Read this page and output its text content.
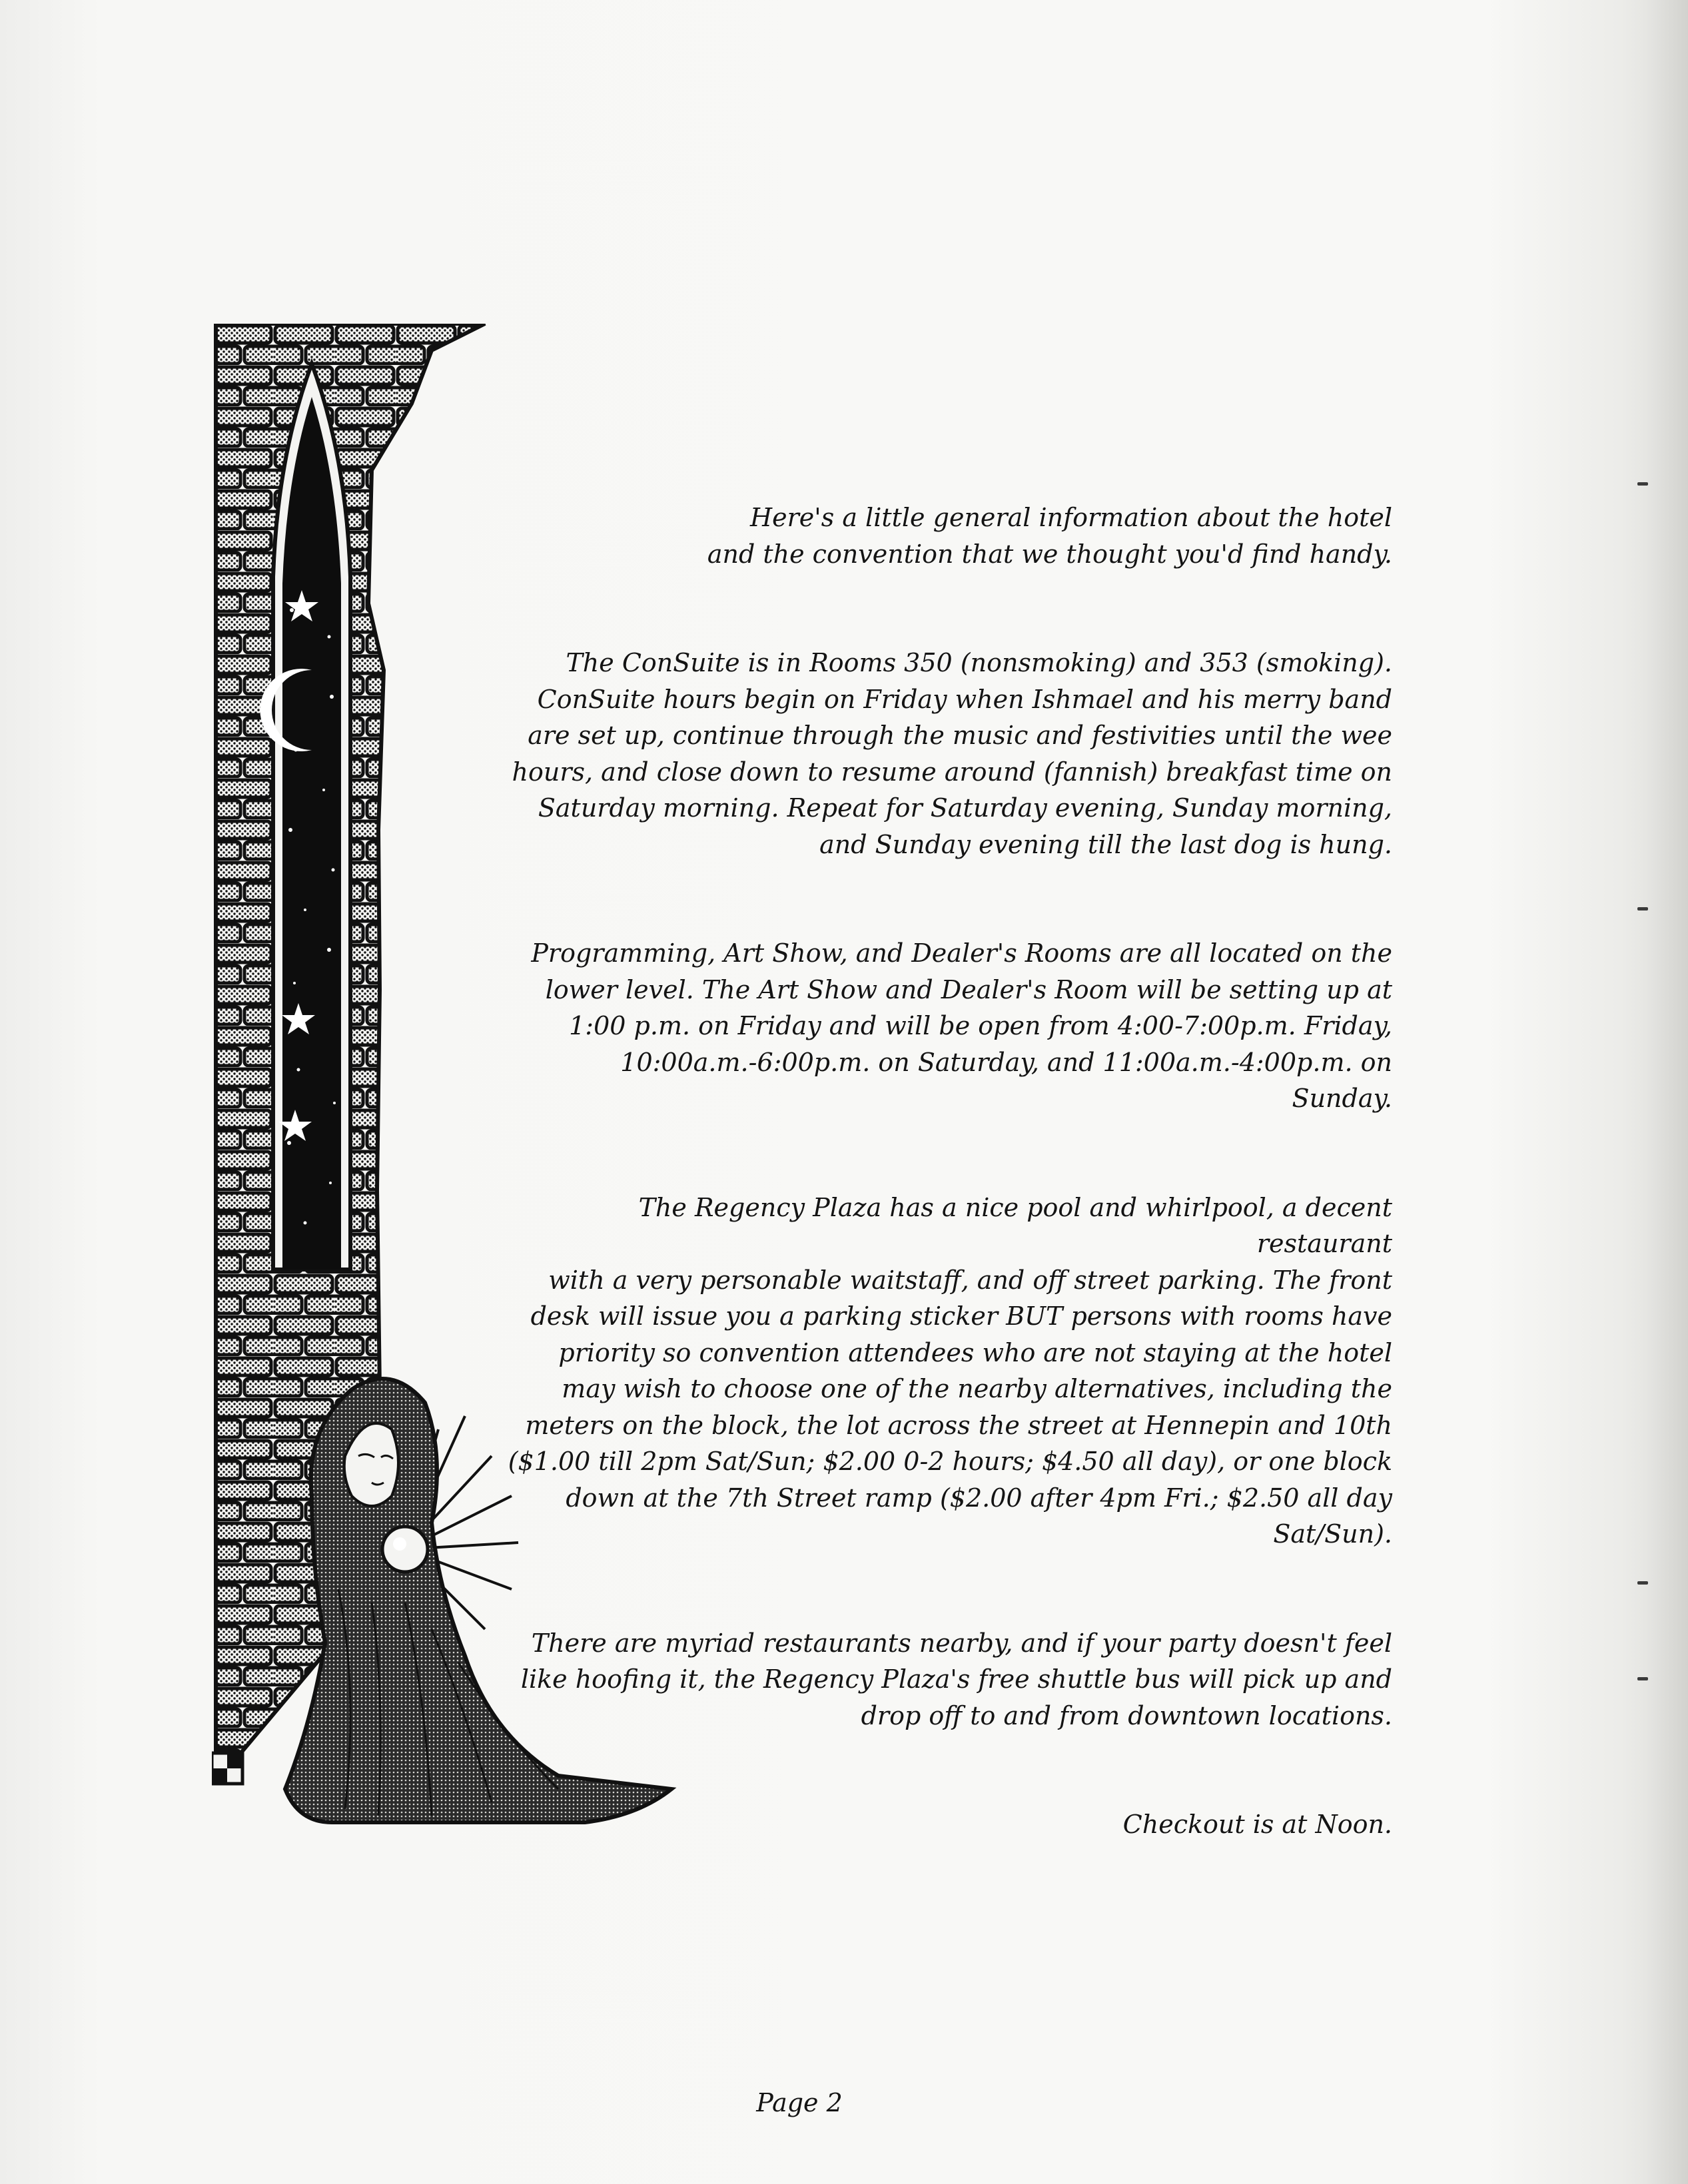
Here's a little general information about the hotel
and the convention that we thought you'd find handy.

The ConSuite is in Rooms 350 (nonsmoking) and 353 (smoking).
ConSuite hours begin on Friday when Ishmael and his merry band
are set up, continue through the music and festivities until the wee
hours, and close down to resume around (fannish) breakfast time on
Saturday morning. Repeat for Saturday evening, Sunday morning,
and Sunday evening till the last dog is hung.

Programming, Art Show, and Dealer's Rooms are all located on the
lower level. The Art Show and Dealer's Room will be setting up at
1:00 p.m. on Friday and will be open from 4:00-7:00p.m. Friday,
10:00a.m.-6:00p.m. on Saturday, and 11:00a.m.-4:00p.m. on
Sunday.

The Regency Plaza has a nice pool and whirlpool, a decent restaurant
with a very personable waitstaff, and off street parking. The front
desk will issue you a parking sticker BUT persons with rooms have
priority so convention attendees who are not staying at the hotel
may wish to choose one of the nearby alternatives, including the
meters on the block, the lot across the street at Hennepin and 10th
($1.00 till 2pm Sat/Sun; $2.00 0-2 hours; $4.50 all day), or one block
down at the 7th Street ramp ($2.00 after 4pm Fri.; $2.50 all day
Sat/Sun).

There are myriad restaurants nearby, and if your party doesn't feel
like hoofing it, the Regency Plaza's free shuttle bus will pick up and
drop off to and from downtown locations.

Checkout is at Noon.

Page 2
